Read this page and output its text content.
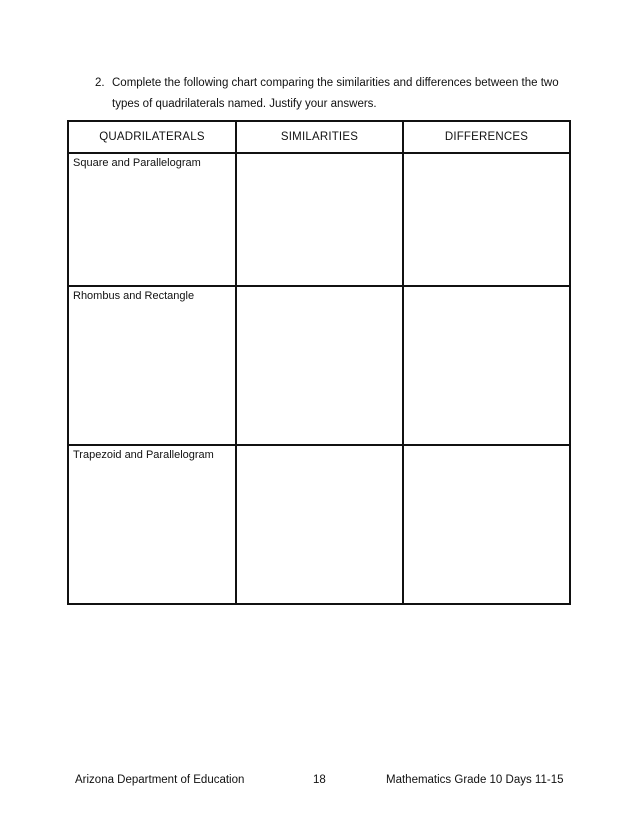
2. Complete the following chart comparing the similarities and differences between the two
types of quadrilaterals named. Justify your answers.
QUADRILATERALS	SIMILARITIES	DIFFERENCES
Square and Parallelogram		
Rhombus and Rectangle		
Trapezoid and Parallelogram		
Arizona Department of Education	18	Mathematics Grade 10 Days 11-15
